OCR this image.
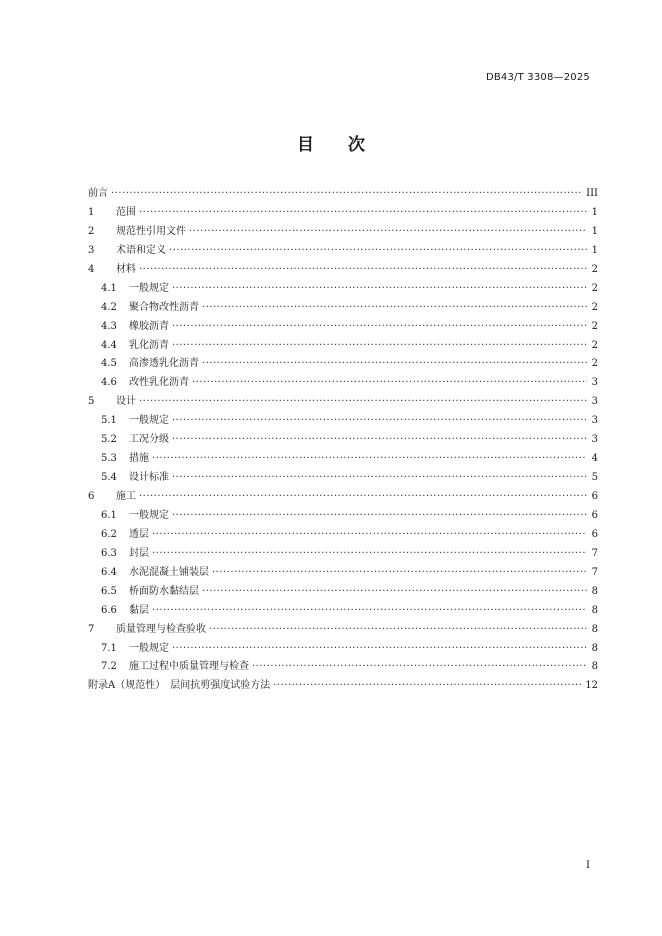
DB43/T 3308—2025
目 次
前言 ·····	III
1	范围 ·····	1
2	规范性引用文件 ·····	1
3	术语和定义 ·····	1
4	材料 ·····	2
4.1	一般规定 ·····	2
4.2	聚合物改性沥青 ·····	2
4.3	橡胶沥青 ·····	2
4.4	乳化沥青 ·····	2
4.5	高渗透乳化沥青 ·····	2
4.6	改性乳化沥青 ·····	3
5	设计 ·····	3
5.1	一般规定 ·····	3
5.2	工况分级 ·····	3
5.3	措施 ·····	4
5.4	设计标准 ·····	5
6	施工 ·····	6
6.1	一般规定 ·····	6
6.2	透层 ·····	6
6.3	封层 ·····	7
6.4	水泥混凝土铺装层 ·····	7
6.5	桥面防水黏结层 ·····	8
6.6	黏层 ·····	8
7	质量管理与检查验收 ·····	8
7.1	一般规定 ·····	8
7.2	施工过程中质量管理与检查 ·····	8
附录A（规范性）　层间抗剪强度试验方法 ·····	12
I
